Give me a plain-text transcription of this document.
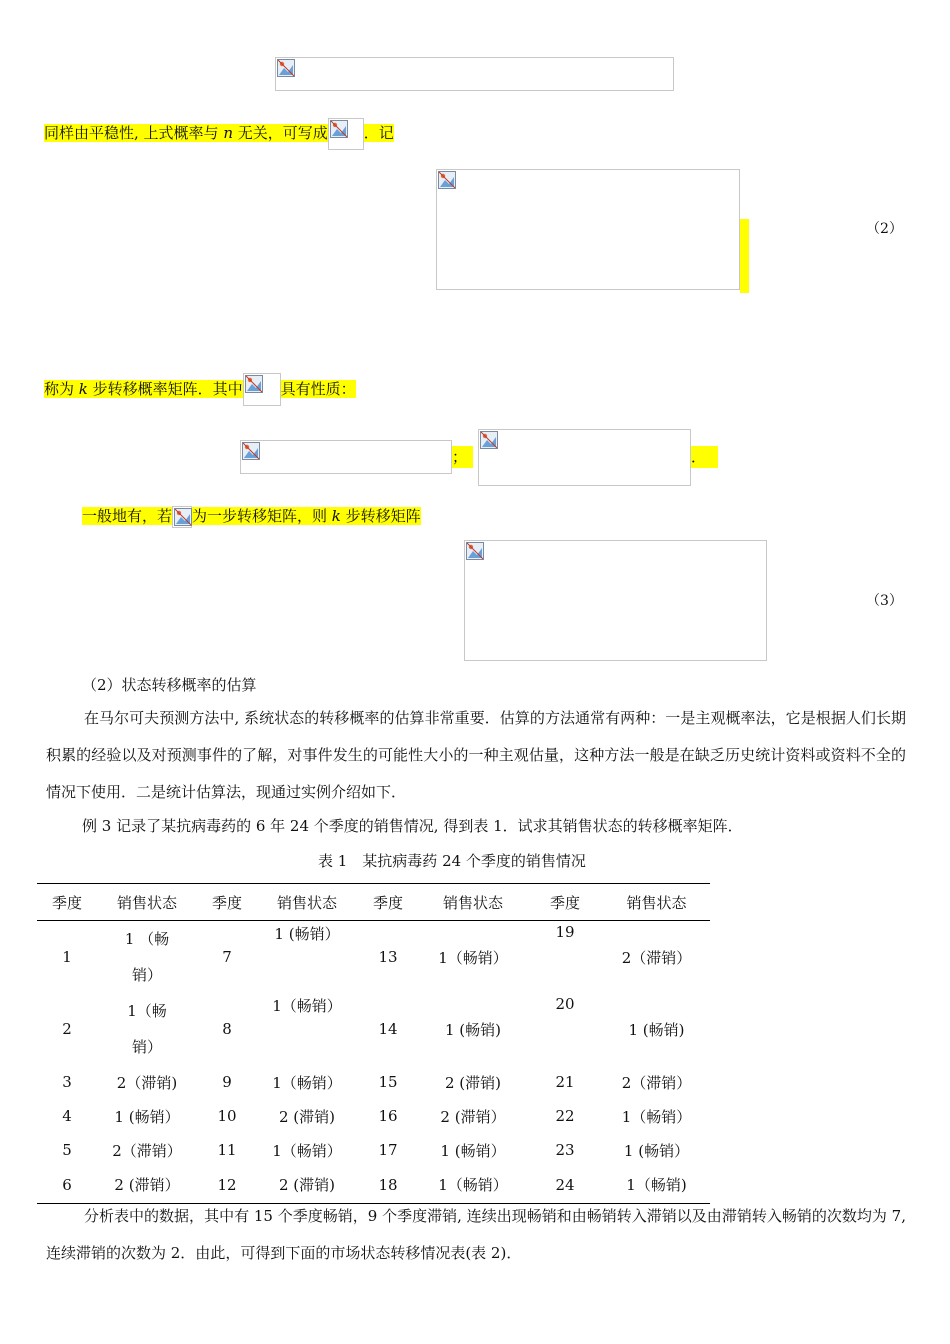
同样由平稳性, 上式概率与 n 无关，可写成 ．记
（2）
称为 k 步转移概率矩阵．其中	具有性质：
；	．
一般地有，若 为一步转移矩阵，则 k 步转移矩阵
（3）
（2）状态转移概率的估算
在马尔可夫预测方法中, 系统状态的转移概率的估算非常重要．估算的方法通常有两种：一是主观概率法，它是根据人们长期积累的经验以及对预测事件的了解，对事件发生的可能性大小的一种主观估量，这种方法一般是在缺乏历史统计资料或资料不全的情况下使用．二是统计估算法，现通过实例介绍如下．
例 3 记录了某抗病毒药的 6 年 24 个季度的销售情况, 得到表 1．试求其销售状态的转移概率矩阵．
表 1　某抗病毒药 24 个季度的销售情况
季度	销售状态	季度	销售状态	季度	销售状态	季度	销售状态
1	1 （畅销）	7	1 (畅销）	13	1（畅销）	19	2（滞销）
2	1（畅销）	8	1（畅销）	14	1 (畅销)	20	1 (畅销)
3	2（滞销)	9	1（畅销）	15	2 (滞销)	21	2（滞销）
4	1 (畅销）	10	2 (滞销)	16	2 (滞销）	22	1（畅销）
5	2（滞销）	11	1（畅销）	17	1 (畅销）	23	1 (畅销）
6	2 (滞销）	12	2 (滞销)	18	1（畅销）	24	1（畅销)
分析表中的数据，其中有 15 个季度畅销，9 个季度滞销, 连续出现畅销和由畅销转入滞销以及由滞销转入畅销的次数均为 7, 连续滞销的次数为 2．由此，可得到下面的市场状态转移情况表(表 2)．
